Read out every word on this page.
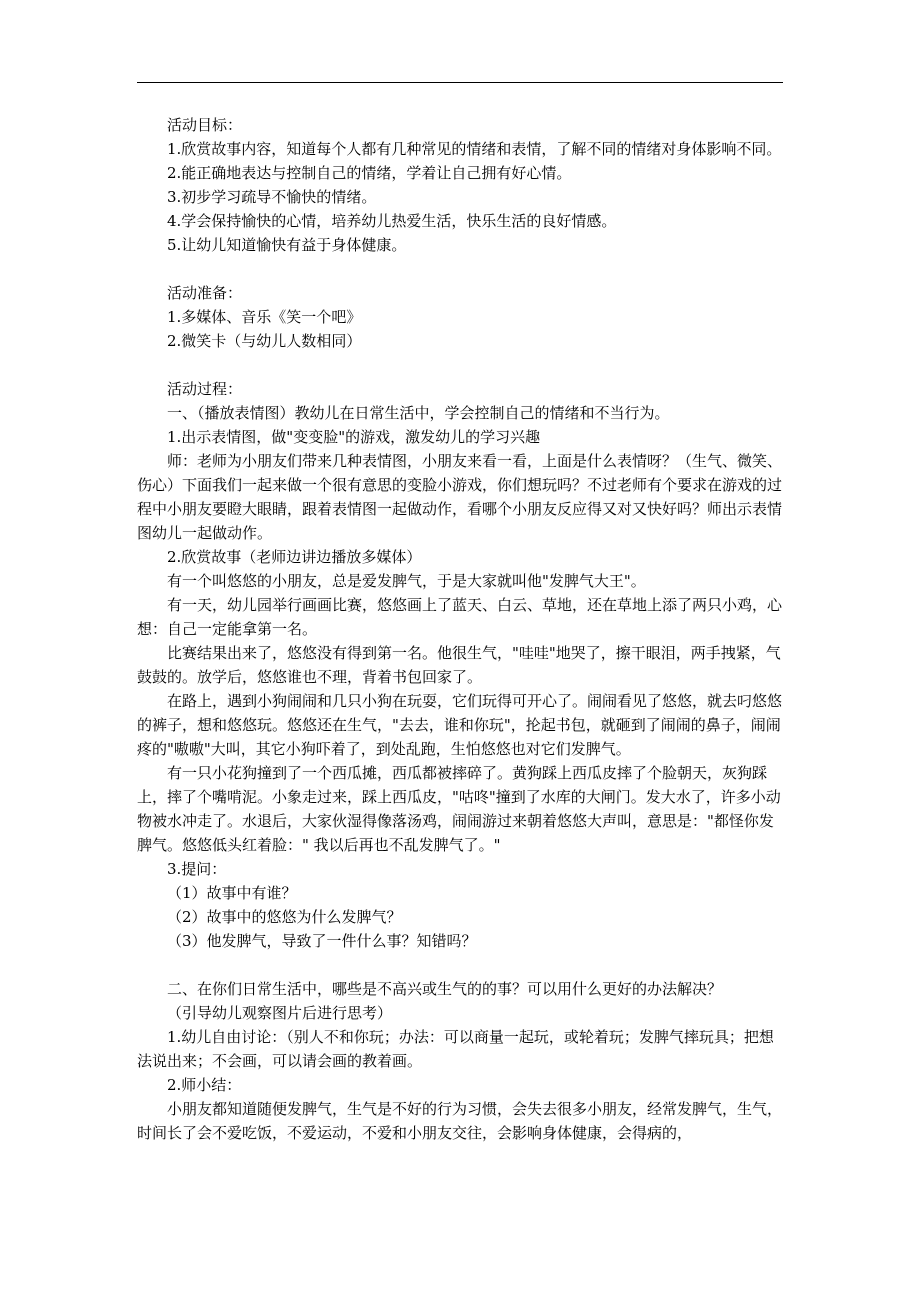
活动目标：

1.欣赏故事内容，知道每个人都有几种常见的情绪和表情，了解不同的情绪对身体影响不同。

2.能正确地表达与控制自己的情绪，学着让自己拥有好心情。

3.初步学习疏导不愉快的情绪。

4.学会保持愉快的心情，培养幼儿热爱生活，快乐生活的良好情感。

5.让幼儿知道愉快有益于身体健康。

活动准备：

1.多媒体、音乐《笑一个吧》

2.微笑卡（与幼儿人数相同）

活动过程：

一、（播放表情图）教幼儿在日常生活中，学会控制自己的情绪和不当行为。

1.出示表情图，做"变变脸"的游戏，激发幼儿的学习兴趣

师：老师为小朋友们带来几种表情图，小朋友来看一看，上面是什么表情呀？（生气、微笑、伤心）下面我们一起来做一个很有意思的变脸小游戏，你们想玩吗？不过老师有个要求在游戏的过程中小朋友要瞪大眼睛，跟着表情图一起做动作，看哪个小朋友反应得又对又快好吗？师出示表情图幼儿一起做动作。

2.欣赏故事（老师边讲边播放多媒体）

有一个叫悠悠的小朋友，总是爱发脾气，于是大家就叫他"发脾气大王"。

有一天，幼儿园举行画画比赛，悠悠画上了蓝天、白云、草地，还在草地上添了两只小鸡，心想：自己一定能拿第一名。

比赛结果出来了，悠悠没有得到第一名。他很生气，"哇哇"地哭了，擦干眼泪，两手拽紧，气鼓鼓的。放学后，悠悠谁也不理，背着书包回家了。

在路上，遇到小狗闹闹和几只小狗在玩耍，它们玩得可开心了。闹闹看见了悠悠，就去叼悠悠的裤子，想和悠悠玩。悠悠还在生气，"去去，谁和你玩"，抡起书包，就砸到了闹闹的鼻子，闹闹疼的"嗷嗷"大叫，其它小狗吓着了，到处乱跑，生怕悠悠也对它们发脾气。

有一只小花狗撞到了一个西瓜摊，西瓜都被摔碎了。黄狗踩上西瓜皮摔了个脸朝天，灰狗踩上，摔了个嘴啃泥。小象走过来，踩上西瓜皮，"咕咚"撞到了水库的大闸门。发大水了，许多小动物被水冲走了。水退后，大家伙湿得像落汤鸡，闹闹游过来朝着悠悠大声叫，意思是："都怪你发脾气。悠悠低头红着脸：" 我以后再也不乱发脾气了。"

3.提问：

（1）故事中有谁？

（2）故事中的悠悠为什么发脾气？

（3）他发脾气，导致了一件什么事？知错吗？

二、在你们日常生活中，哪些是不高兴或生气的的事？可以用什么更好的办法解决？

（引导幼儿观察图片后进行思考）

1.幼儿自由讨论：（别人不和你玩；办法：可以商量一起玩，或轮着玩；发脾气摔玩具；把想法说出来；不会画，可以请会画的教着画。

2.师小结：

小朋友都知道随便发脾气，生气是不好的行为习惯，会失去很多小朋友，经常发脾气，生气，时间长了会不爱吃饭，不爱运动，不爱和小朋友交往，会影响身体健康，会得病的，
